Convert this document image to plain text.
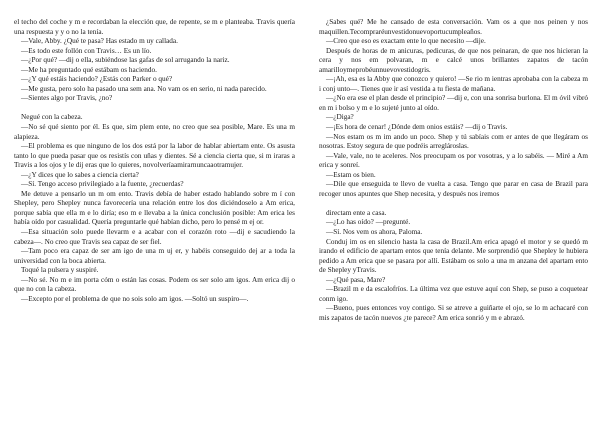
el techo del coche y m e recordaban la elección que, de repente, se m e planteaba. Travis quería una respuesta y y o no la tenía.

—Vale, Abby. ¿Qué te pasa? Has estado m uy callada.

—Es todo este follón con Travis… Es un lío.

—¿Por qué? —dij o ella, subiéndose las gafas de sol arrugando la nariz.

—Me ha preguntado qué estábam os haciendo.

—¿Y qué estáis haciendo? ¿Estás con Parker o qué?

—Me gusta, pero solo ha pasado una sem ana. No vam os en serio, ni nada parecido.

—Sientes algo por Travis, ¿no?

Negué con la cabeza.

—No sé qué siento por él. Es que, sim plem ente, no creo que sea posible, Mare. Es una m alapieza.

—El problema es que ninguno de los dos está por la labor de hablar abiertam ente. Os asusta tanto lo que pueda pasar que os resistís con uñas y dientes. Sé a ciencia cierta que, si m iraras a Travis a los ojos y le dij eras que lo quieres, novolveríaamirarnuncaaotramujer.

—¿Y dices que lo sabes a ciencia cierta?

—Sí. Tengo acceso privilegiado a la fuente, ¿recuerdas?

Me detuve a pensarlo un m om ento. Travis debía de haber estado hablando sobre m í con Shepley, pero Shepley nunca favorecería una relación entre los dos diciéndoselo a Am erica, porque sabía que ella m e lo diría; eso m e llevaba a la única conclusión posible: Am erica les había oído por casualidad. Quería preguntarle qué habían dicho, pero lo pensé m ej or.

—Esa situación solo puede llevarm e a acabar con el corazón roto —dij e sacudiendo la cabeza—. No creo que Travis sea capaz de ser fiel.

—Tam poco era capaz de ser am igo de una m uj er, y habéis conseguido dej ar a toda la universidad con la boca abierta.

Toqué la pulsera y suspiré.

—No sé. No m e im porta cóm o están las cosas. Podem os ser solo am igos. Am erica dij o que no con la cabeza.

—Excepto por el problema de que no sois solo am igos. —Soltó un suspiro—.

¿Sabes qué? Me he cansado de esta conversación. Vam os a que nos peinen y nos maquillen.Tecompraréunvestidonuevoportucumpleaños.

—Creo que eso es exactam ente lo que necesito —dije.

Después de horas de m anicuras, pedicuras, de que nos peinaran, de que nos hicieran la cera y nos em polvaran, m e calcé unos brillantes zapatos de tacón amarilloymeprobéunnuevovestidogris.

—¡Ah, esa es la Abby que conozco y quiero! —Se rio m ientras aprobaba con la cabeza m i conj unto—. Tienes que ir así vestida a tu fiesta de mañana.

—¿No era ese el plan desde el principio? —dij e, con una sonrisa burlona. El m óvil vibró en m i bolso y m e lo sujeté junto al oído.

—¿Diga?

—¡Es hora de cenar! ¿Dónde dem onios estáis? —dij o Travis.

—Nos estam os m im ando un poco. Shep y tú sabíais com er antes de que llegáram os nosotras. Estoy segura de que podréis arreglároslas.

—Vale, vale, no te aceleres. Nos preocupam os por vosotras, y a lo sabéis. — Miré a Am erica y sonreí.

—Estam os bien.

—Dile que enseguida te llevo de vuelta a casa. Tengo que parar en casa de Brazil para recoger unos apuntes que Shep necesita, y después nos iremos

directam ente a casa.

—¿Lo has oído? —pregunté.

—Sí. Nos vem os ahora, Paloma.

Conduj im os en silencio hasta la casa de Brazil.Am erica apagó el motor y se quedó m irando el edificio de apartam entos que tenía delante. Me sorprendió que Shepley le hubiera pedido a Am erica que se pasara por allí. Estábam os solo a una m anzana del apartam ento de Shepley yTravis.

—¿Qué pasa, Mare?

—Brazil m e da escalofríos. La última vez que estuve aquí con Shep, se puso a coquetear conm igo.

—Bueno, pues entonces voy contigo. Si se atreve a guiñarte el ojo, se lo m achacaré con mis zapatos de tacón nuevos ¿te parece? Am erica sonrió y m e abrazó.
